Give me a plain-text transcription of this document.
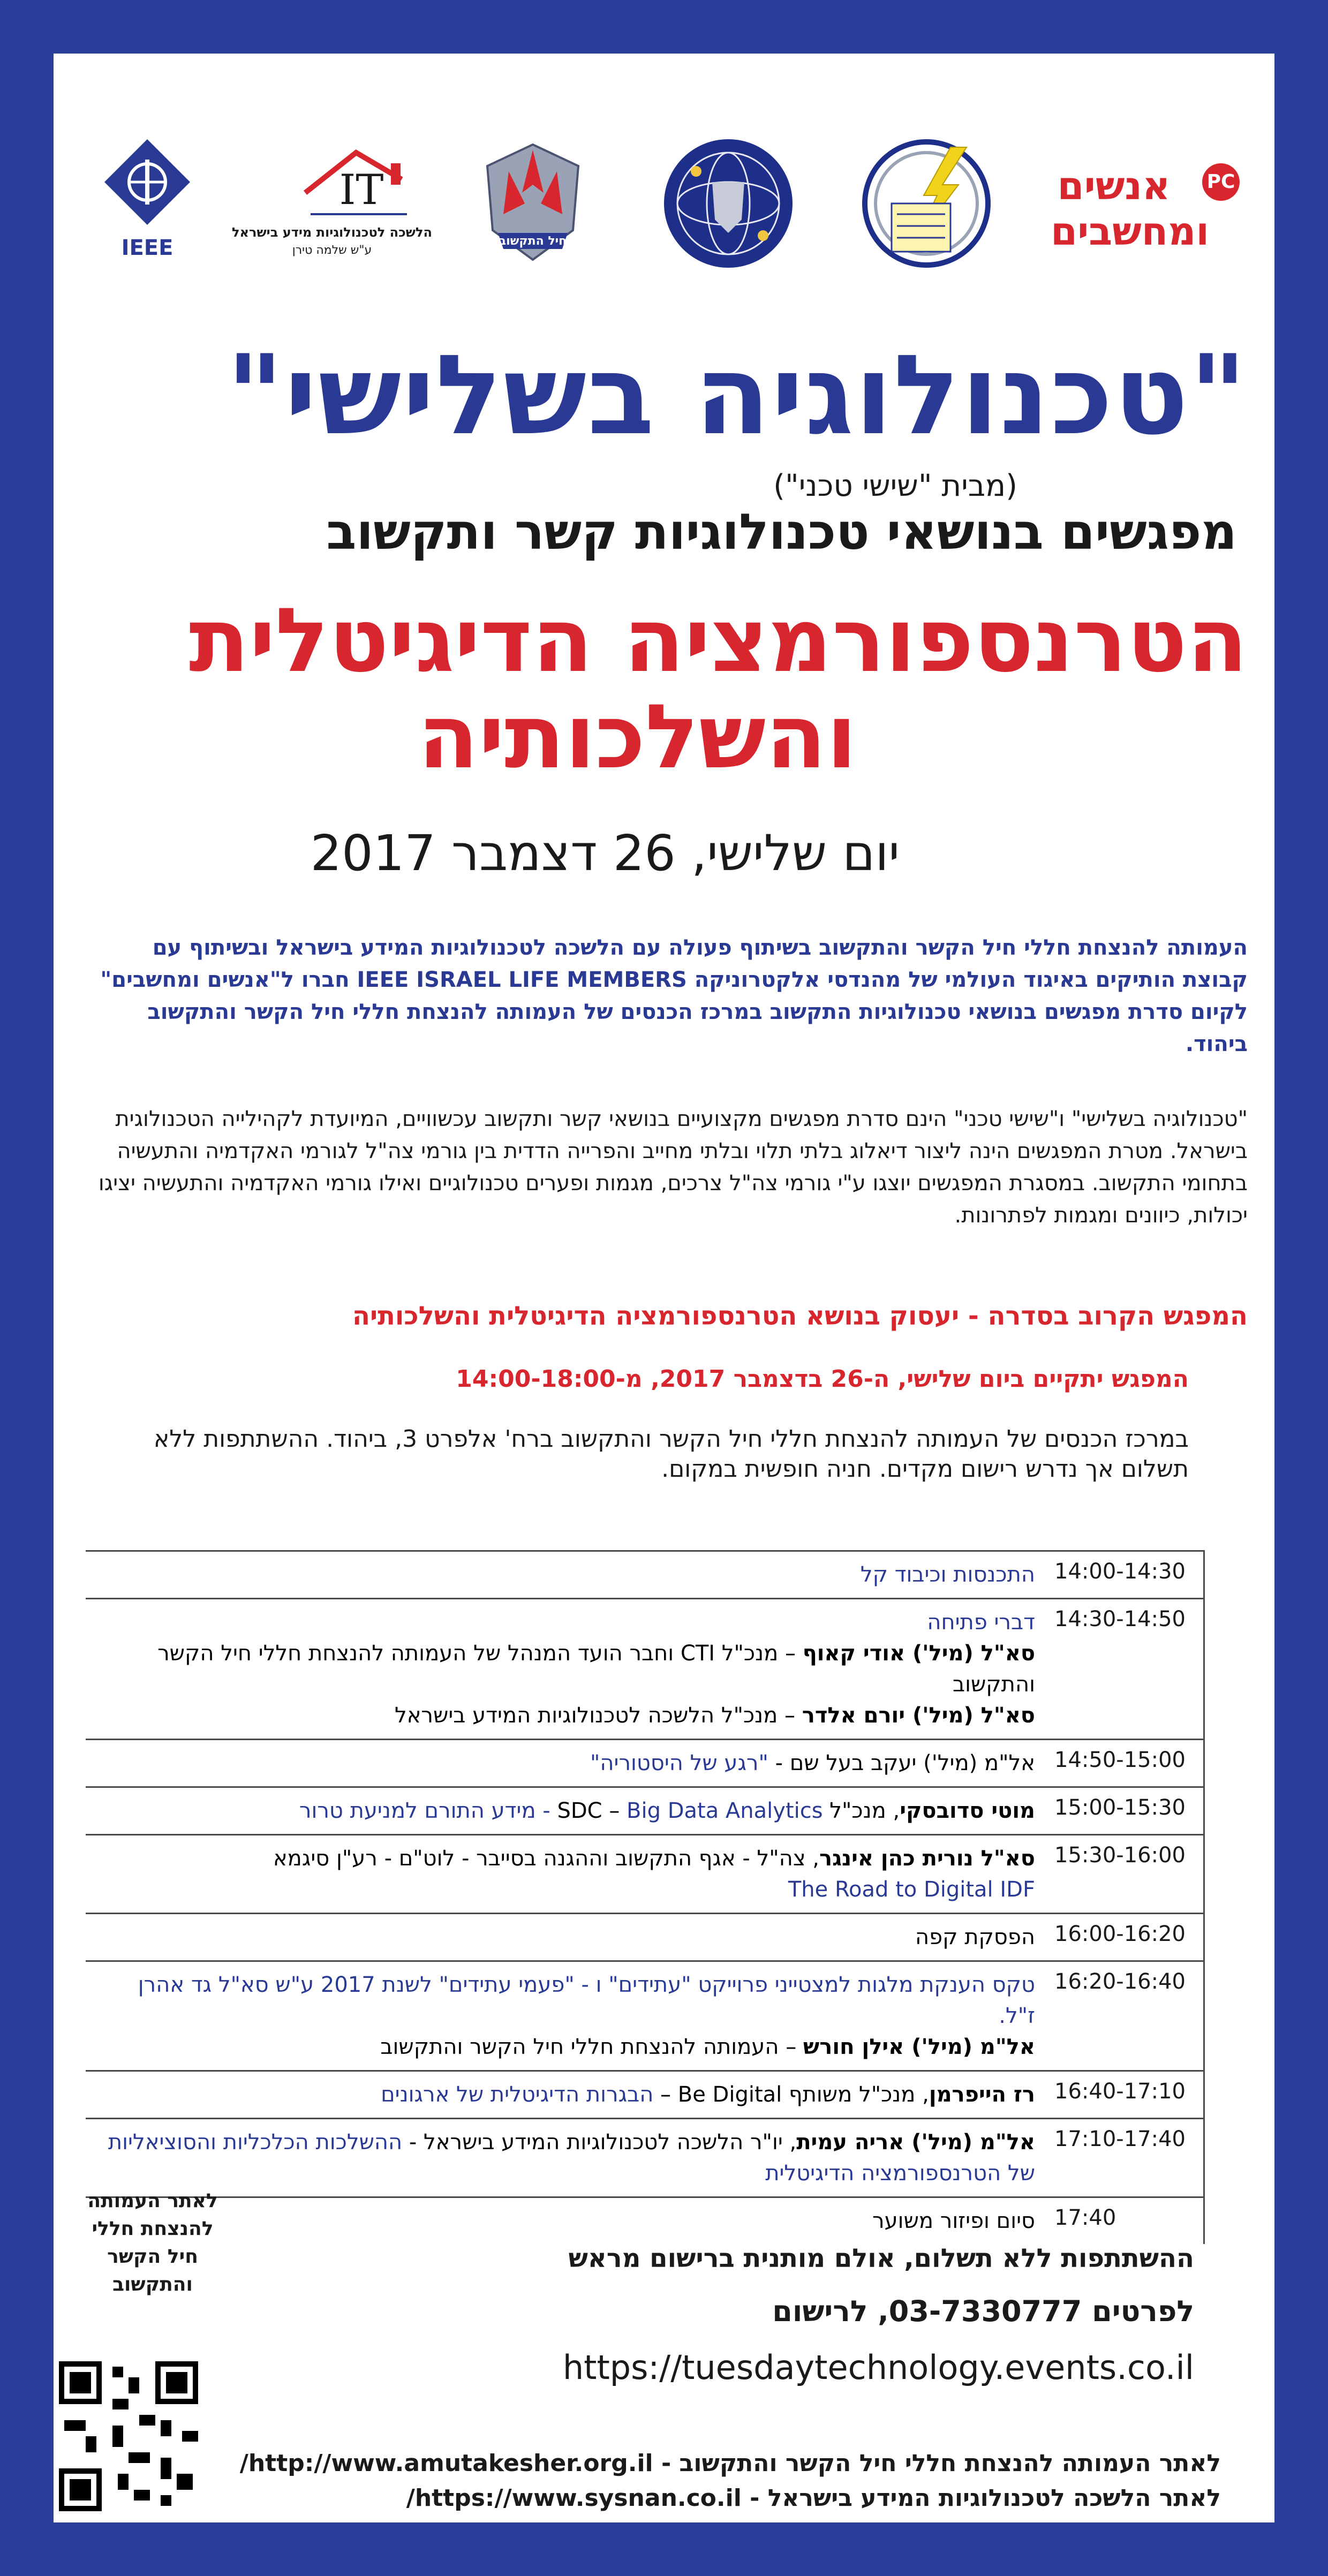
IEEE
IT
הלשכה לטכנולוגיות מידע בישראל
ע"ש שלמה טירן
חיל התקשוב
אנשים
ומחשבים
PC
"טכנולוגיה בשלישי"
(מבית "שישי טכני")
מפגשים בנושאי טכנולוגיות קשר ותקשוב
הטרנספורמציה הדיגיטלית
והשלכותיה
יום שלישי, 26 דצמבר 2017
העמותה להנצחת חללי חיל הקשר והתקשוב בשיתוף פעולה עם הלשכה לטכנולוגיות המידע בישראל ובשיתוף עם קבוצת הותיקים באיגוד העולמי של מהנדסי אלקטרוניקה IEEE ISRAEL LIFE MEMBERS חברו ל"אנשים ומחשבים" לקיום סדרת מפגשים בנושאי טכנולוגיות התקשוב במרכז הכנסים של העמותה להנצחת חללי חיל הקשר והתקשוב ביהוד.
"טכנולוגיה בשלישי" ו"שישי טכני" הינם סדרת מפגשים מקצועיים בנושאי קשר ותקשוב עכשוויים, המיועדת לקהילייה הטכנולוגית בישראל. מטרת המפגשים הינה ליצור דיאלוג בלתי תלוי ובלתי מחייב והפרייה הדדית בין גורמי צה"ל לגורמי האקדמיה והתעשיה בתחומי התקשוב. במסגרת המפגשים יוצגו ע"י גורמי צה"ל צרכים, מגמות ופערים טכנולוגיים ואילו גורמי האקדמיה והתעשיה יציגו יכולות, כיוונים ומגמות לפתרונות.
המפגש הקרוב בסדרה - יעסוק בנושא הטרנספורמציה הדיגיטלית והשלכותיה
המפגש יתקיים ביום שלישי, ה-26 בדצמבר 2017, מ-14:00-18:00
במרכז הכנסים של העמותה להנצחת חללי חיל הקשר והתקשוב ברח' אלפרט 3, ביהוד. ההשתתפות ללא תשלום אך נדרש רישום מקדים. חניה חופשית במקום.
14:00-14:30	התכנסות וכיבוד קל

14:30-14:50	דברי פתיחה
סא"ל (מיל') אודי קאוף – מנכ"ל CTI וחבר הועד המנהל של העמותה להנצחת חללי חיל הקשר והתקשוב
סא"ל (מיל') יורם אלדר – מנכ"ל הלשכה לטכנולוגיות המידע בישראל

14:50-15:00	אל"מ (מיל') יעקב בעל שם - "רגע של היסטוריה"

15:00-15:30	מוטי סדובסקי, מנכ"ל SDC – Big Data Analytics - מידע התורם למניעת טרור

15:30-16:00	סא"ל נורית כהן אינגר, צה"ל - אגף התקשוב וההגנה בסייבר - לוט"ם - רע"ן סיגמא
The Road to Digital IDF

16:00-16:20	הפסקת קפה

16:20-16:40	טקס הענקת מלגות למצטייני פרוייקט "עתידים" ו - "פעמי עתידים" לשנת 2017 ע"ש סא"ל גד אהרן ז"ל.
אל"מ (מיל') אילן חורש – העמותה להנצחת חללי חיל הקשר והתקשוב

16:40-17:10	רז הייפרמן, מנכ"ל משותף Be Digital – הבגרות הדיגיטלית של ארגונים

17:10-17:40	אל"מ (מיל') אריה עמית, יו"ר הלשכה לטכנולוגיות המידע בישראל - ההשלכות הכלכליות והסוציאליות של הטרנספורמציה הדיגיטלית

17:40	סיום ופיזור משוער
לאתר העמותה להנצחת חללי חיל הקשר והתקשוב
ההשתתפות ללא תשלום, אולם מותנית ברישום מראש
לפרטים 03-7330777, לרישום
https://tuesdaytechnology.events.co.il
לאתר העמותה להנצחת חללי חיל הקשר והתקשוב - http://www.amutakesher.org.il/
לאתר הלשכה לטכנולוגיות המידע בישראל - https://www.sysnan.co.il/
